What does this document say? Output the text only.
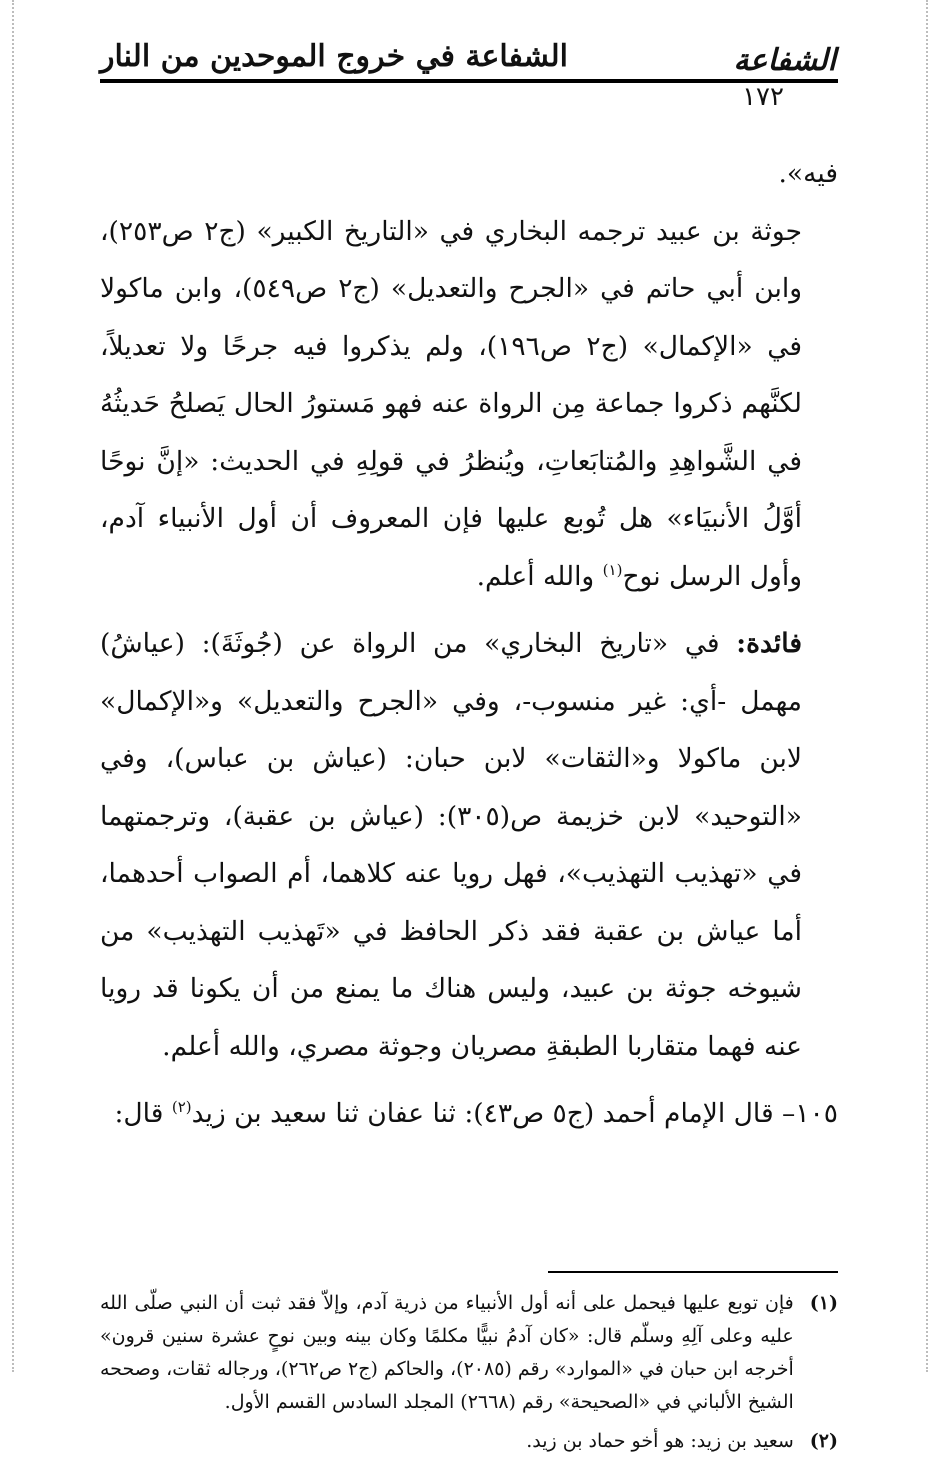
الشفاعة
الشفاعة في خروج الموحدين من النار
١٧٢

فيه».

جوثة بن عبيد ترجمه البخاري في «التاريخ الكبير» (ج٢ ص٢٥٣)، وابن أبي حاتم في «الجرح والتعديل» (ج٢ ص٥٤٩)، وابن ماكولا في «الإكمال» (ج٢ ص١٩٦)، ولم يذكروا فيه جرحًا ولا تعديلاً، لكنَّهم ذكروا جماعة مِن الرواة عنه فهو مَستورُ الحال يَصلحُ حَديثُهُ في الشَّواهِدِ والمُتابَعاتِ، ويُنظرُ في قولِهِ في الحديث: «إنَّ نوحًا أوَّلُ الأنبيَاء» هل تُوبع عليها فإن المعروف أن أول الأنبياء آدم، وأول الرسل نوح$^{(١)}$ والله أعلم.

فائدة: في «تاريخ البخاري» من الرواة عن (جُوثَةَ): (عياشُ) مهمل -أي: غير منسوب-، وفي «الجرح والتعديل» و«الإكمال» لابن ماكولا و«الثقات» لابن حبان: (عياش بن عباس)، وفي «التوحيد» لابن خزيمة ص(٣٠٥): (عياش بن عقبة)، وترجمتهما في «تهذيب التهذيب»، فهل رويا عنه كلاهما، أم الصواب أحدهما، أما عياش بن عقبة فقد ذكر الحافظ في «تَهذيب التهذيب» من شيوخه جوثة بن عبيد، وليس هناك ما يمنع من أن يكونا قد رويا عنه فهما متقاربا الطبقةِ مصريان وجوثة مصري، والله أعلم.

١٠٥– قال الإمام أحمد (ج٥ ص٤٣): ثنا عفان ثنا سعيد بن زيد$^{(٢)}$ قال:

(١)
فإن توبع عليها فيحمل على أنه أول الأنبياء من ذرية آدم، وإلاّ فقد ثبت أن النبي صلّى الله عليه وعلى آلِهِ وسلّم قال: «كان آدمُ نبيًّا مكلمًا وكان بينه وبين نوحٍ عشرة سنين قرون» أخرجه ابن حبان في «الموارد» رقم (٢٠٨٥)، والحاكم (ج٢ ص٢٦٢)، ورجاله ثقات، وصححه الشيخ الألباني في «الصحيحة» رقم (٢٦٦٨) المجلد السادس القسم الأول.
(٢)
سعيد بن زيد: هو أخو حماد بن زيد.
